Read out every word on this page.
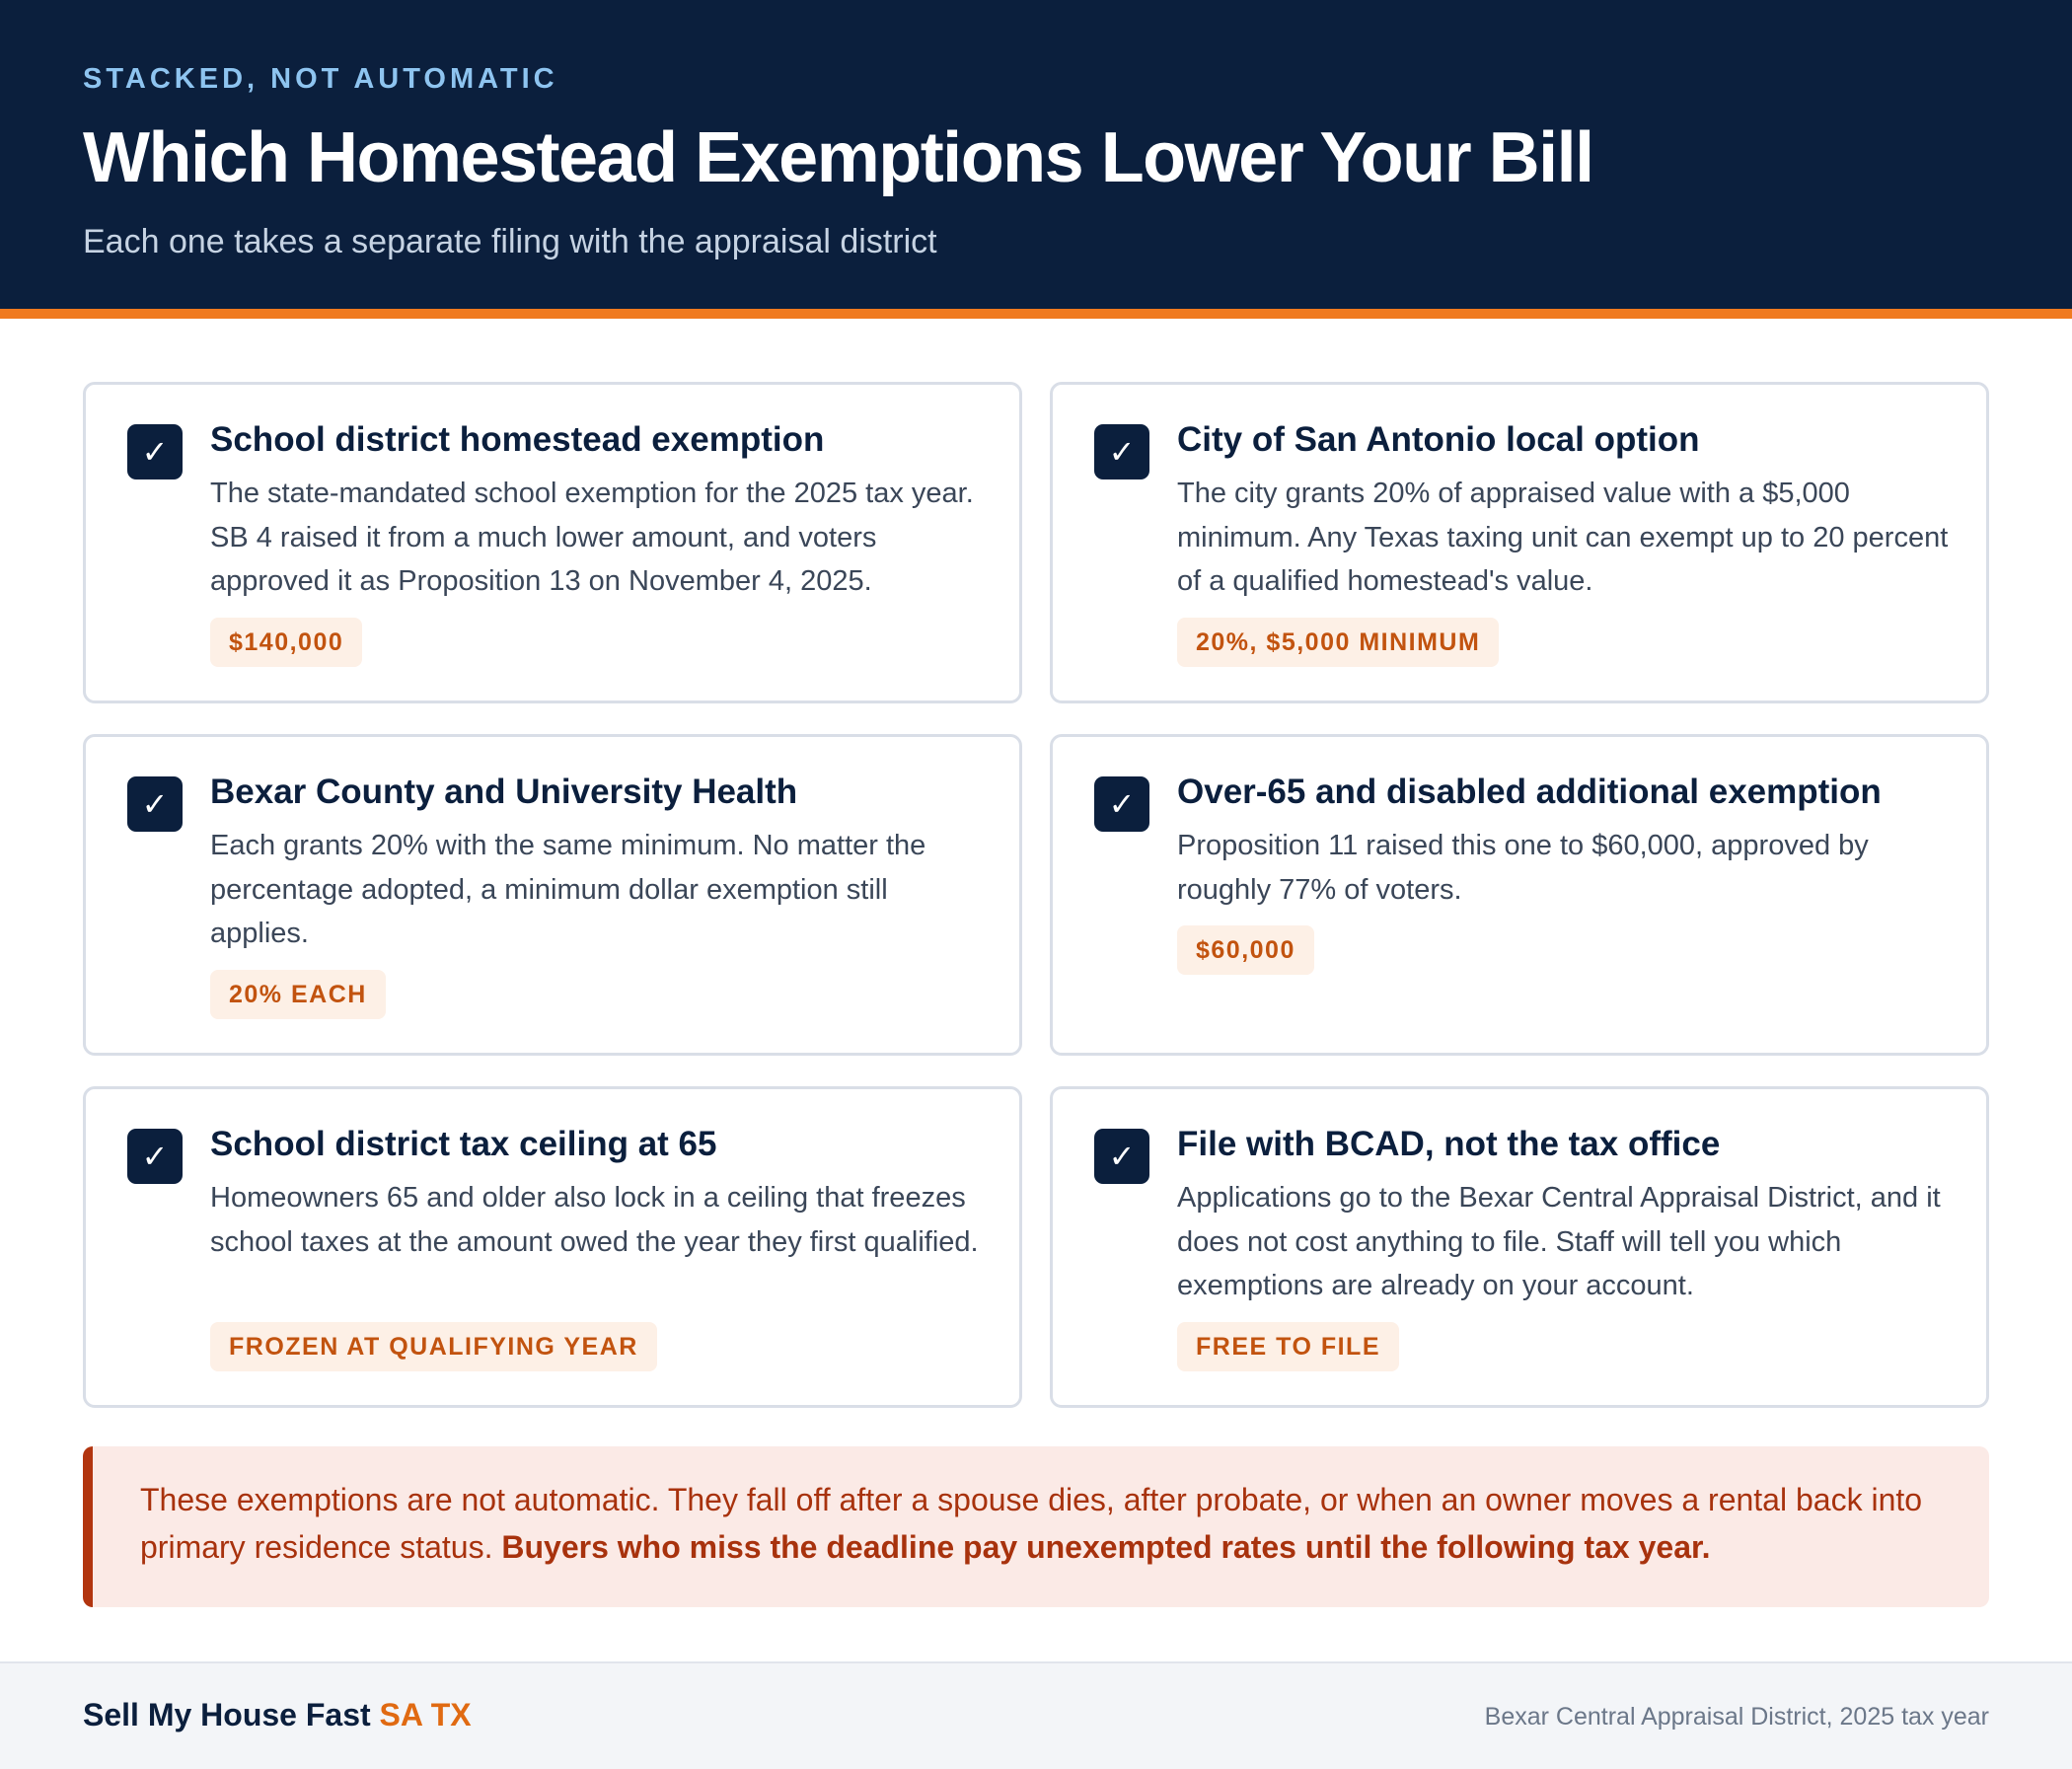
STACKED, NOT AUTOMATIC
Which Homestead Exemptions Lower Your Bill
Each one takes a separate filing with the appraisal district
✓	School district homestead exemption
The state-mandated school exemption for the 2025 tax year. SB 4 raised it from a much lower amount, and voters approved it as Proposition 13 on November 4, 2025.
$140,000
✓	City of San Antonio local option
The city grants 20% of appraised value with a $5,000 minimum. Any Texas taxing unit can exempt up to 20 percent of a qualified homestead's value.
20%, $5,000 MINIMUM
✓	Bexar County and University Health
Each grants 20% with the same minimum. No matter the percentage adopted, a minimum dollar exemption still applies.
20% EACH
✓	Over-65 and disabled additional exemption
Proposition 11 raised this one to $60,000, approved by roughly 77% of voters.
$60,000
✓	School district tax ceiling at 65
Homeowners 65 and older also lock in a ceiling that freezes school taxes at the amount owed the year they first qualified.
FROZEN AT QUALIFYING YEAR
✓	File with BCAD, not the tax office
Applications go to the Bexar Central Appraisal District, and it does not cost anything to file. Staff will tell you which exemptions are already on your account.
FREE TO FILE
These exemptions are not automatic. They fall off after a spouse dies, after probate, or when an owner moves a rental back into primary residence status. Buyers who miss the deadline pay unexempted rates until the following tax year.
Sell My House Fast SA TX	Bexar Central Appraisal District, 2025 tax year
